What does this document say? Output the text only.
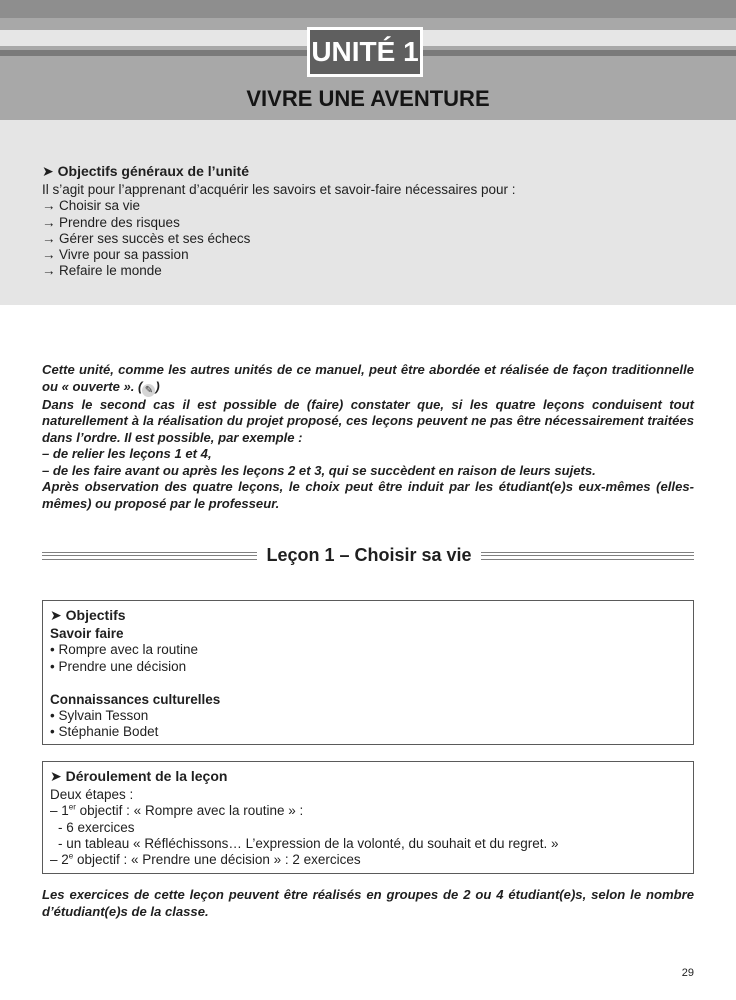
UNITÉ 1
VIVRE UNE AVENTURE
➤ Objectifs généraux de l’unité
Il s’agit pour l’apprenant d’acquérir les savoirs et savoir-faire nécessaires pour :
→ Choisir sa vie
→ Prendre des risques
→ Gérer ses succès et ses échecs
→ Vivre pour sa passion
→ Refaire le monde
Cette unité, comme les autres unités de ce manuel, peut être abordée et réalisée de façon traditionnelle ou « ouverte ». ( ✎ )
Dans le second cas il est possible de (faire) constater que, si les quatre leçons conduisent tout naturellement à la réalisation du projet proposé, ces leçons peuvent ne pas être nécessairement traitées dans l’ordre. Il est possible, par exemple :
– de relier les leçons 1 et 4,
– de les faire avant ou après les leçons 2 et 3, qui se succèdent en raison de leurs sujets.
Après observation des quatre leçons, le choix peut être induit par les étudiant(e)s eux-mêmes (elles-mêmes) ou proposé par le professeur.
Leçon 1 – Choisir sa vie
➤ Objectifs
Savoir faire
• Rompre avec la routine
• Prendre une décision
Connaissances culturelles
• Sylvain Tesson
• Stéphanie Bodet
➤ Déroulement de la leçon
Deux étapes :
– 1er objectif : « Rompre avec la routine » :
- 6 exercices
- un tableau « Réfléchissons… L’expression de la volonté, du souhait et du regret. »
– 2e objectif : « Prendre une décision » : 2 exercices
Les exercices de cette leçon peuvent être réalisés en groupes de 2 ou 4 étudiant(e)s, selon le nombre d’étudiant(e)s de la classe.
29
